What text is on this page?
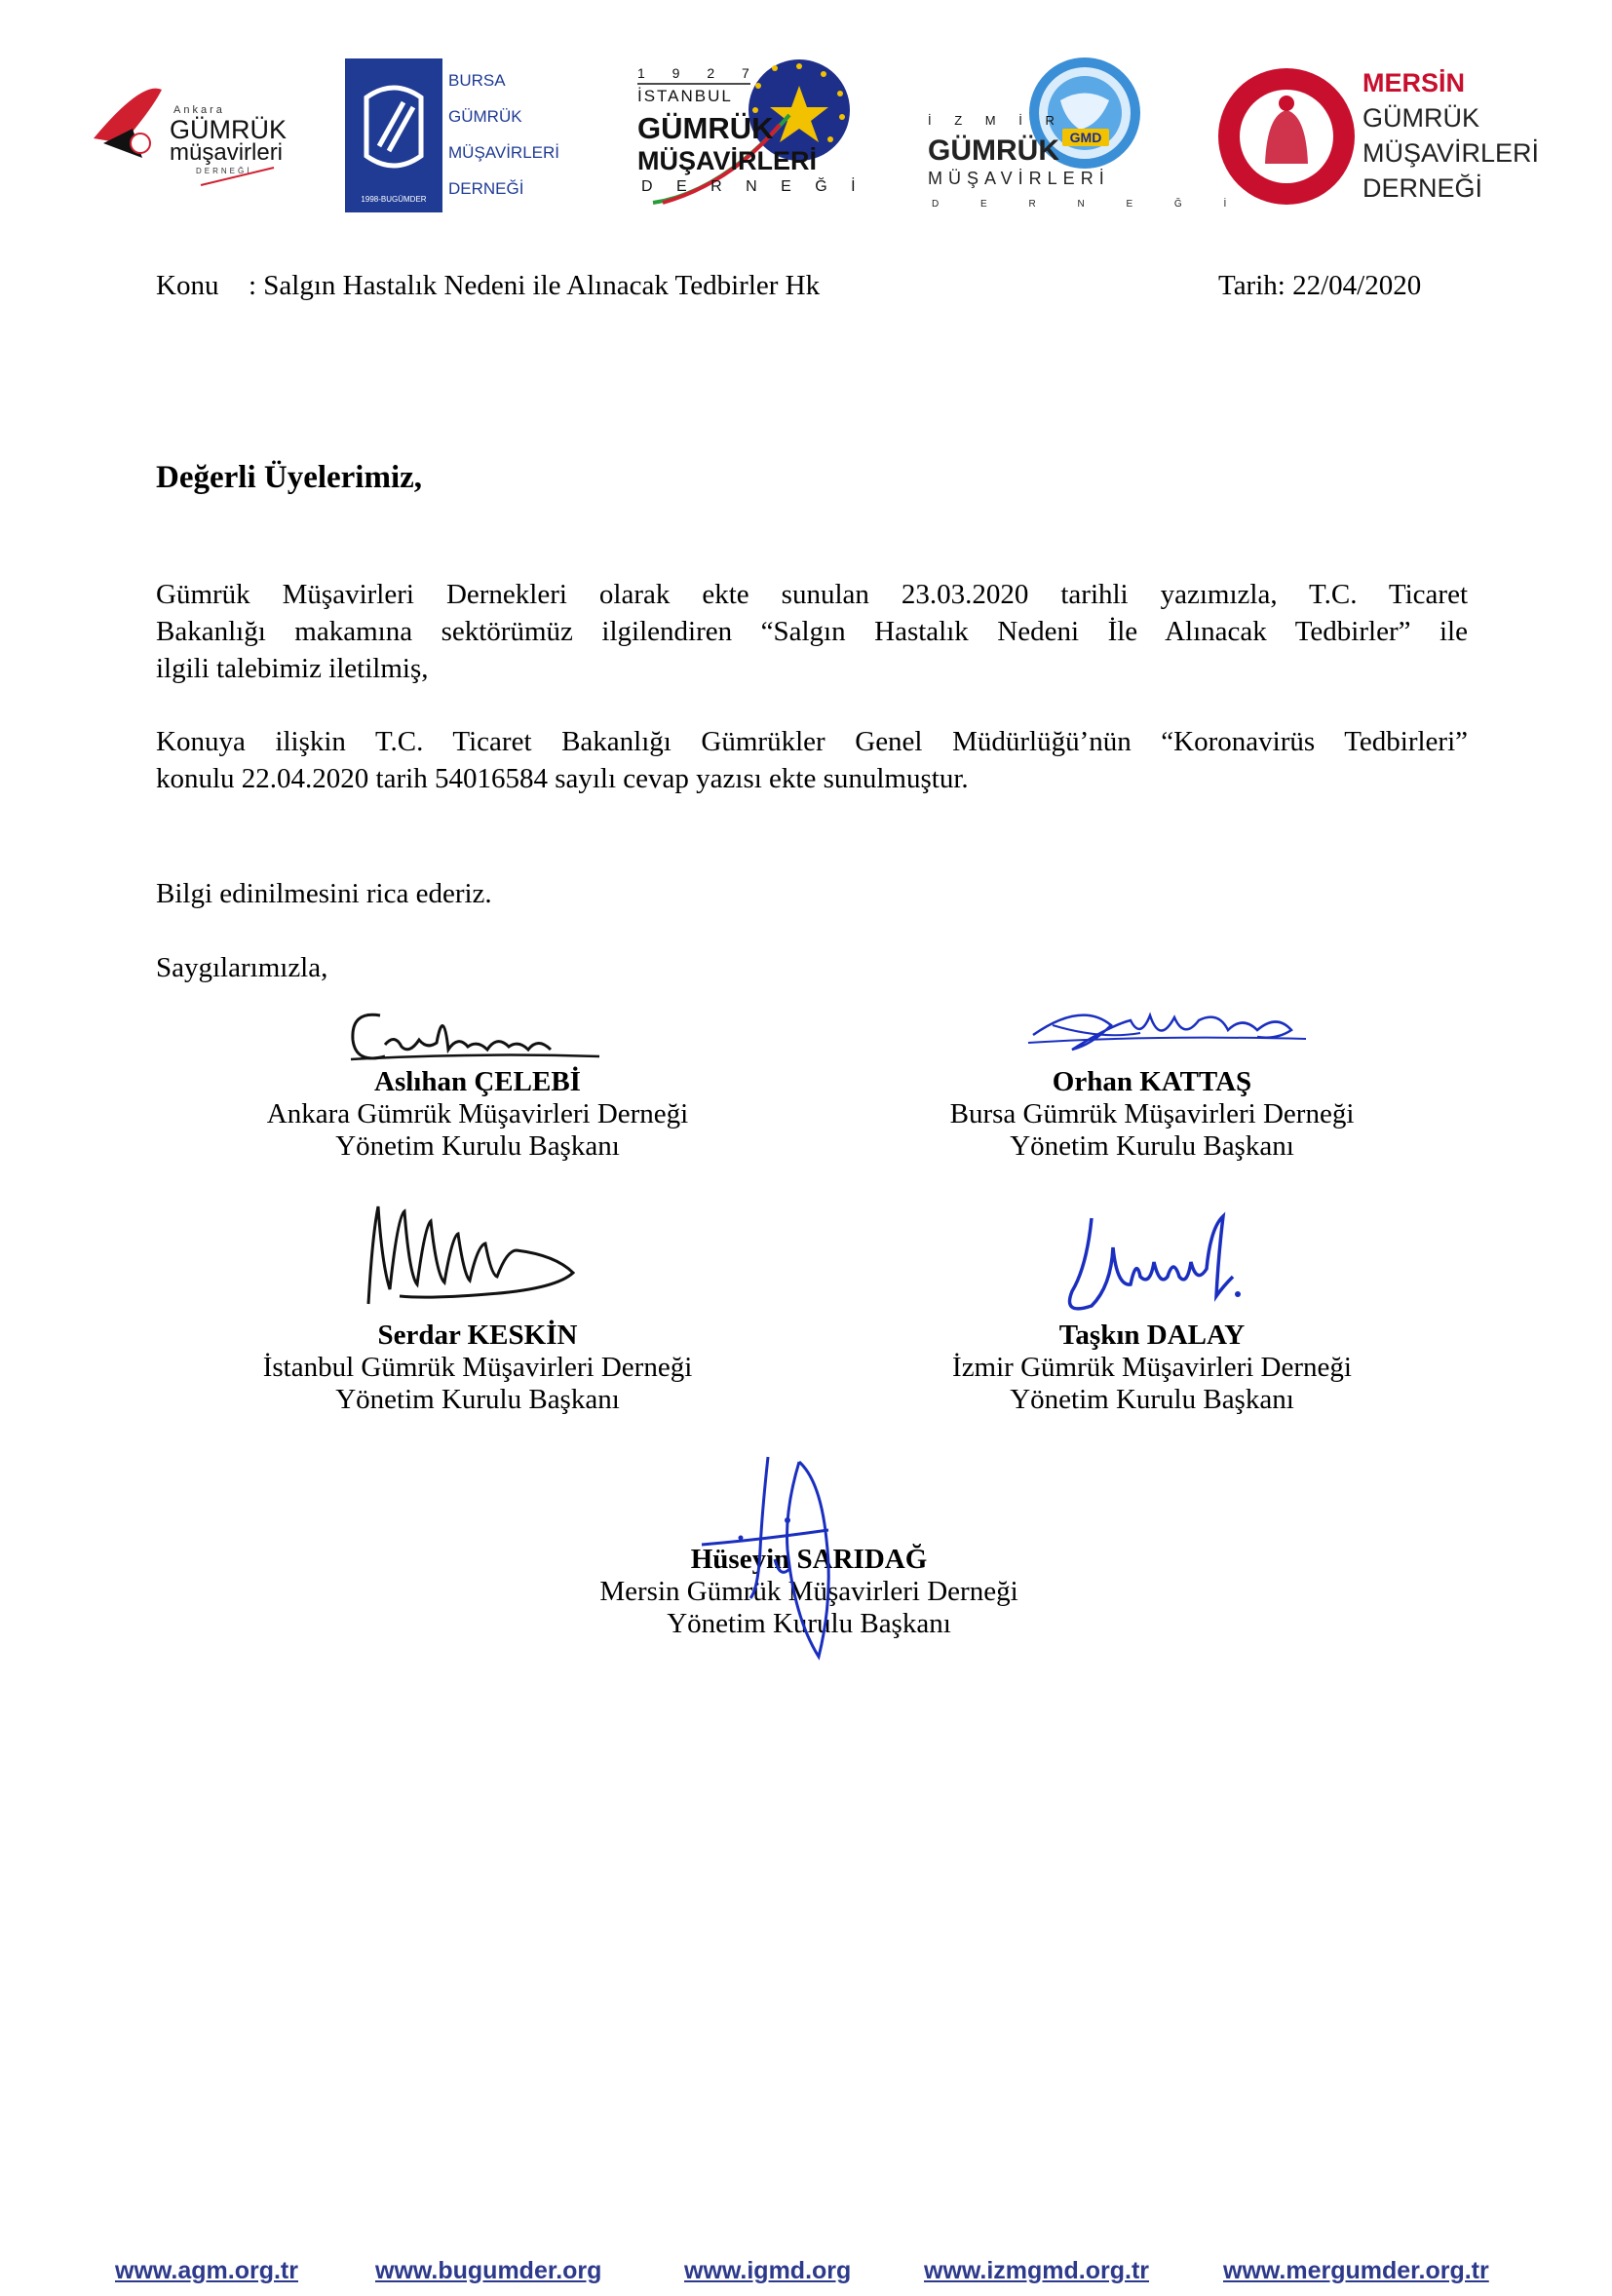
Ankara
GÜMRÜK
müşavirleri
DERNEĞİ
1998-BUGÜMDER
BURSA
GÜMRÜK
MÜŞAVİRLERİ
DERNEĞİ
1 9 2 7
İSTANBUL
GÜMRÜK
MÜŞAVİRLERİ
D E R N E Ğ İ
GMD
İ Z M İ R
GÜMRÜK
MÜŞAVİRLERİ
D E R N E Ğ İ
MERSİN
GÜMRÜK
MÜŞAVİRLERİ
DERNEĞİ
Konu : Salgın Hastalık Nedeni ile Alınacak Tedbirler Hk	Tarih: 22/04/2020
Değerli Üyelerimiz,
Gümrük Müşavirleri Dernekleri olarak ekte sunulan 23.03.2020 tarihli yazımızla, T.C. Ticaret
Bakanlığı makamına sektörümüz ilgilendiren “Salgın Hastalık Nedeni İle Alınacak Tedbirler” ile
ilgili talebimiz iletilmiş,
Konuya ilişkin T.C. Ticaret Bakanlığı Gümrükler Genel Müdürlüğü’nün “Koronavirüs Tedbirleri”
konulu 22.04.2020 tarih 54016584 sayılı cevap yazısı ekte sunulmuştur.
Bilgi edinilmesini rica ederiz.
Saygılarımızla,
Aslıhan ÇELEBİ
Ankara Gümrük Müşavirleri Derneği
Yönetim Kurulu Başkanı
Orhan KATTAŞ
Bursa Gümrük Müşavirleri Derneği
Yönetim Kurulu Başkanı
Serdar KESKİN
İstanbul Gümrük Müşavirleri Derneği
Yönetim Kurulu Başkanı
Taşkın DALAY
İzmir Gümrük Müşavirleri Derneği
Yönetim Kurulu Başkanı
Hüseyin SARIDAĞ
Mersin Gümrük Müşavirleri Derneği
Yönetim Kurulu Başkanı
www.agm.org.tr	www.bugumder.org	www.igmd.org	www.izmgmd.org.tr	www.mergumder.org.tr
